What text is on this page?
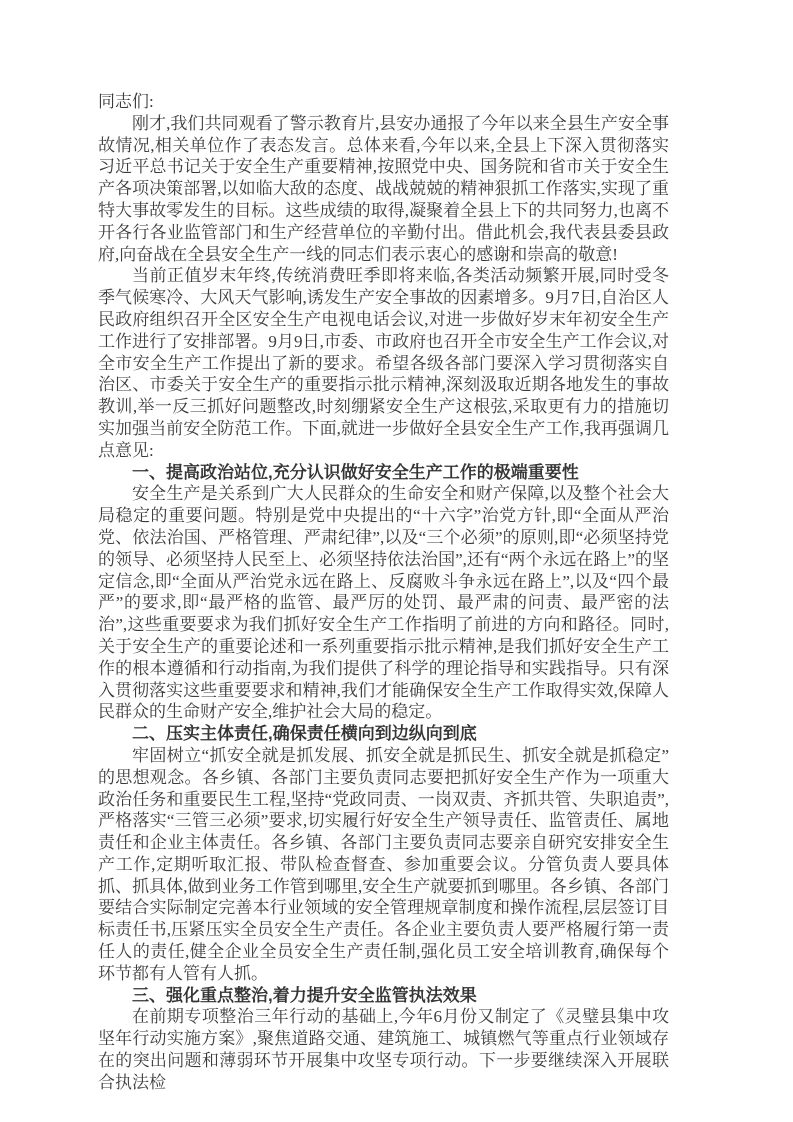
同志们:

刚才,我们共同观看了警示教育片,县安办通报了今年以来全县生产安全事故情况,相关单位作了表态发言。总体来看,今年以来,全县上下深入贯彻落实习近平总书记关于安全生产重要精神,按照党中央、国务院和省市关于安全生产各项决策部署,以如临大敌的态度、战战兢兢的精神狠抓工作落实,实现了重特大事故零发生的目标。这些成绩的取得,凝聚着全县上下的共同努力,也离不开各行各业监管部门和生产经营单位的辛勤付出。借此机会,我代表县委县政府,向奋战在全县安全生产一线的同志们表示衷心的感谢和崇高的敬意!

当前正值岁末年终,传统消费旺季即将来临,各类活动频繁开展,同时受冬季气候寒冷、大风天气影响,诱发生产安全事故的因素增多。9月7日,自治区人民政府组织召开全区安全生产电视电话会议,对进一步做好岁末年初安全生产工作进行了安排部署。9月9日,市委、市政府也召开全市安全生产工作会议,对全市安全生产工作提出了新的要求。希望各级各部门要深入学习贯彻落实自治区、市委关于安全生产的重要指示批示精神,深刻汲取近期各地发生的事故教训,举一反三抓好问题整改,时刻绷紧安全生产这根弦,采取更有力的措施切实加强当前安全防范工作。下面,就进一步做好全县安全生产工作,我再强调几点意见:

一、提高政治站位,充分认识做好安全生产工作的极端重要性

安全生产是关系到广大人民群众的生命安全和财产保障,以及整个社会大局稳定的重要问题。特别是党中央提出的“十六字”治党方针,即“全面从严治党、依法治国、严格管理、严肃纪律”,以及“三个必须”的原则,即“必须坚持党的领导、必须坚持人民至上、必须坚持依法治国”,还有“两个永远在路上”的坚定信念,即“全面从严治党永远在路上、反腐败斗争永远在路上”,以及“四个最严”的要求,即“最严格的监管、最严厉的处罚、最严肃的问责、最严密的法治”,这些重要要求为我们抓好安全生产工作指明了前进的方向和路径。同时,关于安全生产的重要论述和一系列重要指示批示精神,是我们抓好安全生产工作的根本遵循和行动指南,为我们提供了科学的理论指导和实践指导。只有深入贯彻落实这些重要要求和精神,我们才能确保安全生产工作取得实效,保障人民群众的生命财产安全,维护社会大局的稳定。

二、压实主体责任,确保责任横向到边纵向到底

牢固树立“抓安全就是抓发展、抓安全就是抓民生、抓安全就是抓稳定”的思想观念。各乡镇、各部门主要负责同志要把抓好安全生产作为一项重大政治任务和重要民生工程,坚持“党政同责、一岗双责、齐抓共管、失职追责”,严格落实“三管三必须”要求,切实履行好安全生产领导责任、监管责任、属地责任和企业主体责任。各乡镇、各部门主要负责同志要亲自研究安排安全生产工作,定期听取汇报、带队检查督查、参加重要会议。分管负责人要具体抓、抓具体,做到业务工作管到哪里,安全生产就要抓到哪里。各乡镇、各部门要结合实际制定完善本行业领域的安全管理规章制度和操作流程,层层签订目标责任书,压紧压实全员安全生产责任。各企业主要负责人要严格履行第一责任人的责任,健全企业全员安全生产责任制,强化员工安全培训教育,确保每个环节都有人管有人抓。

三、强化重点整治,着力提升安全监管执法效果

在前期专项整治三年行动的基础上,今年6月份又制定了《灵璧县集中攻坚年行动实施方案》,聚焦道路交通、建筑施工、城镇燃气等重点行业领域存在的突出问题和薄弱环节开展集中攻坚专项行动。下一步要继续深入开展联合执法检
